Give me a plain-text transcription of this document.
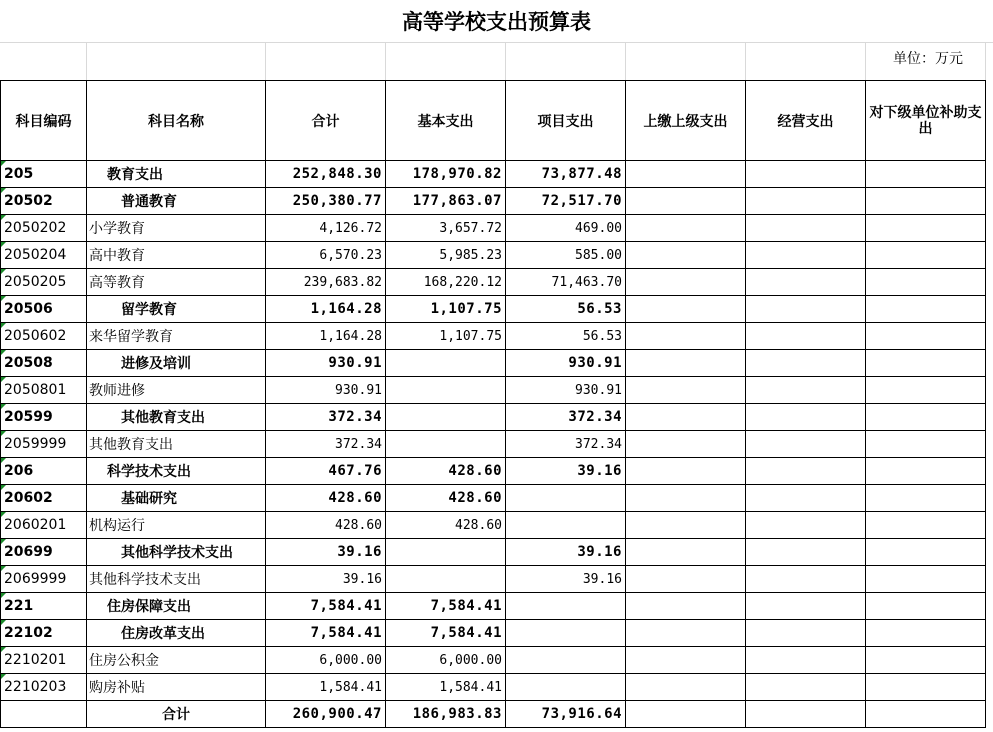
高等学校支出预算表
单位：万元
科目编码	科目名称	合计	基本支出	项目支出	上缴上级支出	经营支出	对下级单位补助支出
205	教育支出	252,848.30	178,970.82	73,877.48			
20502	普通教育	250,380.77	177,863.07	72,517.70			
2050202	小学教育	4,126.72	3,657.72	469.00			
2050204	高中教育	6,570.23	5,985.23	585.00			
2050205	高等教育	239,683.82	168,220.12	71,463.70			
20506	留学教育	1,164.28	1,107.75	56.53			
2050602	来华留学教育	1,164.28	1,107.75	56.53			
20508	进修及培训	930.91		930.91			
2050801	教师进修	930.91		930.91			
20599	其他教育支出	372.34		372.34			
2059999	其他教育支出	372.34		372.34			
206	科学技术支出	467.76	428.60	39.16			
20602	基础研究	428.60	428.60				
2060201	机构运行	428.60	428.60				
20699	其他科学技术支出	39.16		39.16			
2069999	其他科学技术支出	39.16		39.16			
221	住房保障支出	7,584.41	7,584.41				
22102	住房改革支出	7,584.41	7,584.41				
2210201	住房公积金	6,000.00	6,000.00				
2210203	购房补贴	1,584.41	1,584.41				
	合计	260,900.47	186,983.83	73,916.64			
